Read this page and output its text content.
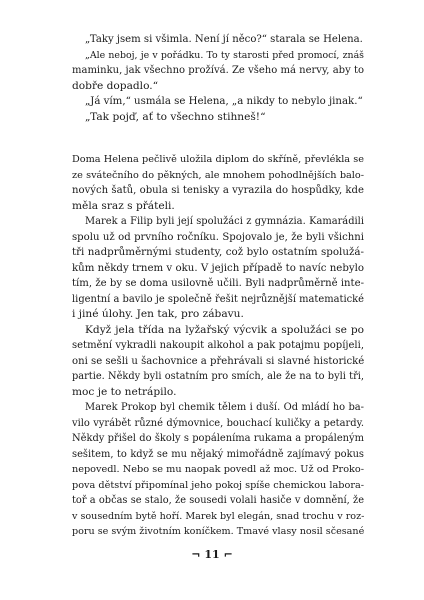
„Taky jsem si všimla. Není jí něco?“ starala se Helena.

„Ale neboj, je v pořádku. To ty starosti před promocí, znáš

maminku, jak všechno prožívá. Ze všeho má nervy, aby to

dobře dopadlo.“

„Já vím,“ usmála se Helena, „a nikdy to nebylo jinak.“

„Tak pojď, ať to všechno stihneš!“

Doma Helena pečlivě uložila diplom do skříně, převlékla se

ze svátečního do pěkných, ale mnohem pohodlnějších balo-

nových šatů, obula si tenisky a vyrazila do hospůdky, kde

měla sraz s přáteli.

Marek a Filip byli její spolužáci z gymnázia. Kamarádili

spolu už od prvního ročníku. Spojovalo je, že byli všichni

tři nadprůměrnými studenty, což bylo ostatním spolužá-

kům někdy trnem v oku. V jejich případě to navíc nebylo

tím, že by se doma usilovně učili. Byli nadprůměrně inte-

ligentní a bavilo je společně řešit nejrůznější matematické

i jiné úlohy. Jen tak, pro zábavu.

Když jela třída na lyžařský výcvik a spolužáci se po

setmění vykradli nakoupit alkohol a pak potajmu popíjeli,

oni se sešli u šachovnice a přehrávali si slavné historické

partie. Někdy byli ostatním pro smích, ale že na to byli tři,

moc je to netrápilo.

Marek Prokop byl chemik tělem i duší. Od mládí ho ba-

vilo vyrábět různé dýmovnice, bouchací kuličky a petardy.

Někdy přišel do školy s popáleníma rukama a propáleným

sešitem, to když se mu nějaký mimořádně zajímavý pokus

nepovedl. Nebo se mu naopak povedl až moc. Už od Proko-

pova dětství připomínal jeho pokoj spíše chemickou labora-

toř a občas se stalo, že sousedi volali hasiče v domnění, že

v sousedním bytě hoří. Marek byl elegán, snad trochu v roz-

poru se svým životním koníčkem. Tmavé vlasy nosil sčesané

¬ 11 ⌐
